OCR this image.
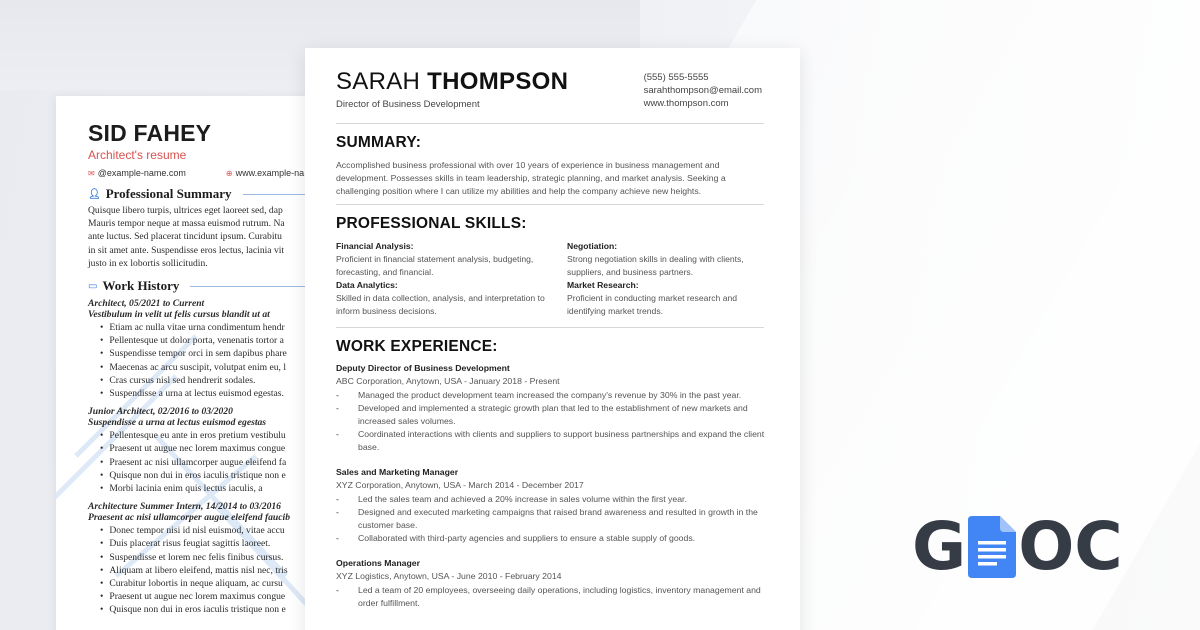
SID FAHEY
Architect's resume
✉ @example-name.com	⊕ www.example-na
👤︎ Professional Summary
Quisque libero turpis, ultrices eget laoreet sed, dap
Mauris tempor neque at massa euismod rutrum. Na
ante luctus. Sed placerat tincidunt ipsum. Curabitu
in sit amet ante. Suspendisse eros lectus, lacinia vit
justo in ex lobortis sollicitudin.
▭ Work History
Architect, 05/2021 to Current
Vestibulum in velit ut felis cursus blandit ut at
• Etiam ac nulla vitae urna condimentum hendr
• Pellentesque ut dolor porta, venenatis tortor a
• Suspendisse tempor orci in sem dapibus phare
• Maecenas ac arcu suscipit, volutpat enim eu, l
• Cras cursus nisl sed hendrerit sodales.
• Suspendisse a urna at lectus euismod egestas.
Junior Architect, 02/2016 to 03/2020
Suspendisse a urna at lectus euismod egestas
• Pellentesque eu ante in eros pretium vestibulu
• Praesent ut augue nec lorem maximus congue
• Praesent ac nisi ullamcorper augue eleifend fa
• Quisque non dui in eros iaculis tristique non e
• Morbi lacinia enim quis lectus iaculis, a
Architecture Summer Intern, 14/2014 to 03/2016
Praesent ac nisi ullamcorper augue eleifend faucib
• Donec tempor nisi id nisl euismod, vitae accu
• Duis placerat risus feugiat sagittis laoreet.
• Suspendisse et lorem nec felis finibus cursus.
• Aliquam at libero eleifend, mattis nisl nec, tris
• Curabitur lobortis in neque aliquam, ac cursu
• Praesent ut augue nec lorem maximus congue
• Quisque non dui in eros iaculis tristique non e
SARAH THOMPSON
Director of Business Development
(555) 555-5555
sarahthompson@email.com
www.thompson.com
SUMMARY:
Accomplished business professional with over 10 years of experience in business management and development. Possesses skills in team leadership, strategic planning, and market analysis. Seeking a challenging position where I can utilize my abilities and help the company achieve new heights.
PROFESSIONAL SKILLS:
Financial Analysis:
Proficient in financial statement analysis, budgeting, forecasting, and financial.
Negotiation:
Strong negotiation skills in dealing with clients, suppliers, and business partners.
Data Analytics:
Skilled in data collection, analysis, and interpretation to inform business decisions.
Market Research:
Proficient in conducting market research and identifying market trends.
WORK EXPERIENCE:
Deputy Director of Business Development
ABC Corporation, Anytown, USA - January 2018 - Present
- Managed the product development team increased the company's revenue by 30% in the past year.
- Developed and implemented a strategic growth plan that led to the establishment of new markets and increased sales volumes.
- Coordinated interactions with clients and suppliers to support business partnerships and expand the client base.
Sales and Marketing Manager
XYZ Corporation, Anytown, USA - March 2014 - December 2017
- Led the sales team and achieved a 20% increase in sales volume within the first year.
- Designed and executed marketing campaigns that raised brand awareness and resulted in growth in the customer base.
- Collaborated with third-party agencies and suppliers to ensure a stable supply of goods.
Operations Manager
XYZ Logistics, Anytown, USA - June 2010 - February 2014
- Led a team of 20 employees, overseeing daily operations, including logistics, inventory management and order fulfillment.
G OC
